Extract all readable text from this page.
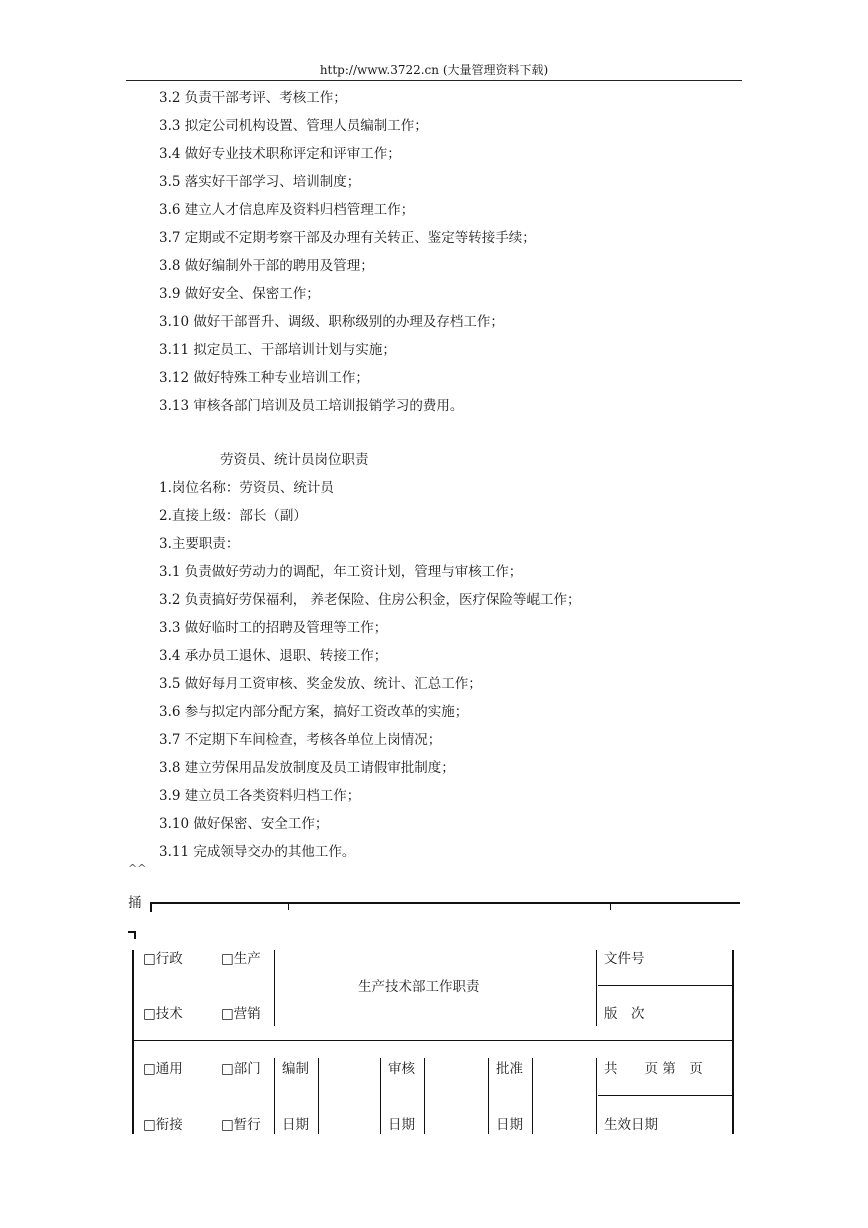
http://www.3722.cn (大量管理资料下载)
3.2 负责干部考评、考核工作；
3.3 拟定公司机构设置、管理人员编制工作；
3.4 做好专业技术职称评定和评审工作；
3.5 落实好干部学习、培训制度；
3.6 建立人才信息库及资料归档管理工作；
3.7 定期或不定期考察干部及办理有关转正、鉴定等转接手续；
3.8 做好编制外干部的聘用及管理；
3.9 做好安全、保密工作；
3.10 做好干部晋升、调级、职称级别的办理及存档工作；
3.11 拟定员工、干部培训计划与实施；
3.12 做好特殊工种专业培训工作；
3.13 审核各部门培训及员工培训报销学习的费用。
劳资员、统计员岗位职责
1.岗位名称：劳资员、统计员
2.直接上级：部长（副）
3.主要职责：
3.1 负责做好劳动力的调配，年工资计划，管理与审核工作；
3.2 负责搞好劳保福利， 养老保险、住房公积金，医疗保险等崐工作；
3.3 做好临时工的招聘及管理等工作；
3.4 承办员工退休、退职、转接工作；
3.5 做好每月工资审核、奖金发放、统计、汇总工作；
3.6 参与拟定内部分配方案，搞好工资改革的实施；
3.7 不定期下车间检查，考核各单位上岗情况；
3.8 建立劳保用品发放制度及员工请假审批制度；
3.9 建立员工各类资料归档工作；
3.10 做好保密、安全工作；
3.11 完成领导交办的其他工作。
^^
捅
□行政	□生产
□技术	□营销
□通用	□部门
□衔接	□暂行
生产技术部工作职责
文件号
版　次
编制	审核	批准	共　　页 第　页
日期	日期	日期	生效日期
